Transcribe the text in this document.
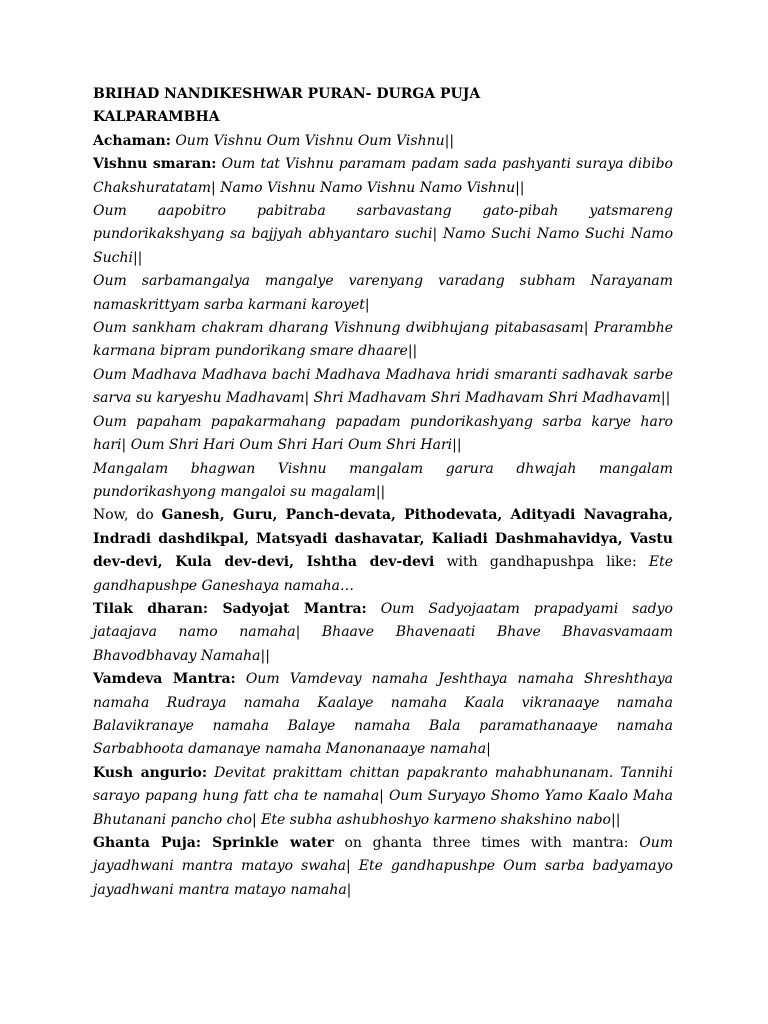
BRIHAD NANDIKESHWAR PURAN- DURGA PUJA

KALPARAMBHA

Achaman: Oum Vishnu Oum Vishnu Oum Vishnu||

Vishnu smaran: Oum tat Vishnu paramam padam sada pashyanti suraya dibibo Chakshuratatam| Namo Vishnu Namo Vishnu Namo Vishnu||

Oum aapobitro pabitraba sarbavastang gato-pibah yatsmareng pundorikakshyang sa bajjyah abhyantaro suchi| Namo Suchi Namo Suchi Namo Suchi||

Oum sarbamangalya mangalye varenyang varadang subham Narayanam namaskrittyam sarba karmani karoyet|

Oum sankham chakram dharang Vishnung dwibhujang pitabasasam| Prarambhe karmana bipram pundorikang smare dhaare||

Oum Madhava Madhava bachi Madhava Madhava hridi smaranti sadhavak sarbe sarva su karyeshu Madhavam| Shri Madhavam Shri Madhavam Shri Madhavam||

Oum papaham papakarmahang papadam pundorikashyang sarba karye haro hari| Oum Shri Hari Oum Shri Hari Oum Shri Hari||

Mangalam bhagwan Vishnu mangalam garura dhwajah mangalam pundorikashyong mangaloi su magalam||

Now, do Ganesh, Guru, Panch-devata, Pithodevata, Adityadi Navagraha, Indradi dashdikpal, Matsyadi dashavatar, Kaliadi Dashmahavidya, Vastu dev-devi, Kula dev-devi, Ishtha dev-devi with gandhapushpa like: Ete gandhapushpe Ganeshaya namaha…

Tilak dharan: Sadyojat Mantra: Oum Sadyojaatam prapadyami sadyo jataajava namo namaha| Bhaave Bhavenaati Bhave Bhavasvamaam Bhavodbhavay Namaha||

Vamdeva Mantra: Oum Vamdevay namaha Jeshthaya namaha Shreshthaya namaha Rudraya namaha Kaalaye namaha Kaala vikranaaye namaha Balavikranaye namaha Balaye namaha Bala paramathanaaye namaha Sarbabhoota damanaye namaha Manonanaaye namaha|

Kush angurio: Devitat prakittam chittan papakranto mahabhunanam. Tannihi sarayo papang hung fatt cha te namaha| Oum Suryayo Shomo Yamo Kaalo Maha Bhutanani pancho cho| Ete subha ashubhoshyo karmeno shakshino nabo||

Ghanta Puja: Sprinkle water on ghanta three times with mantra: Oum jayadhwani mantra matayo swaha| Ete gandhapushpe Oum sarba badyamayo jayadhwani mantra matayo namaha|
